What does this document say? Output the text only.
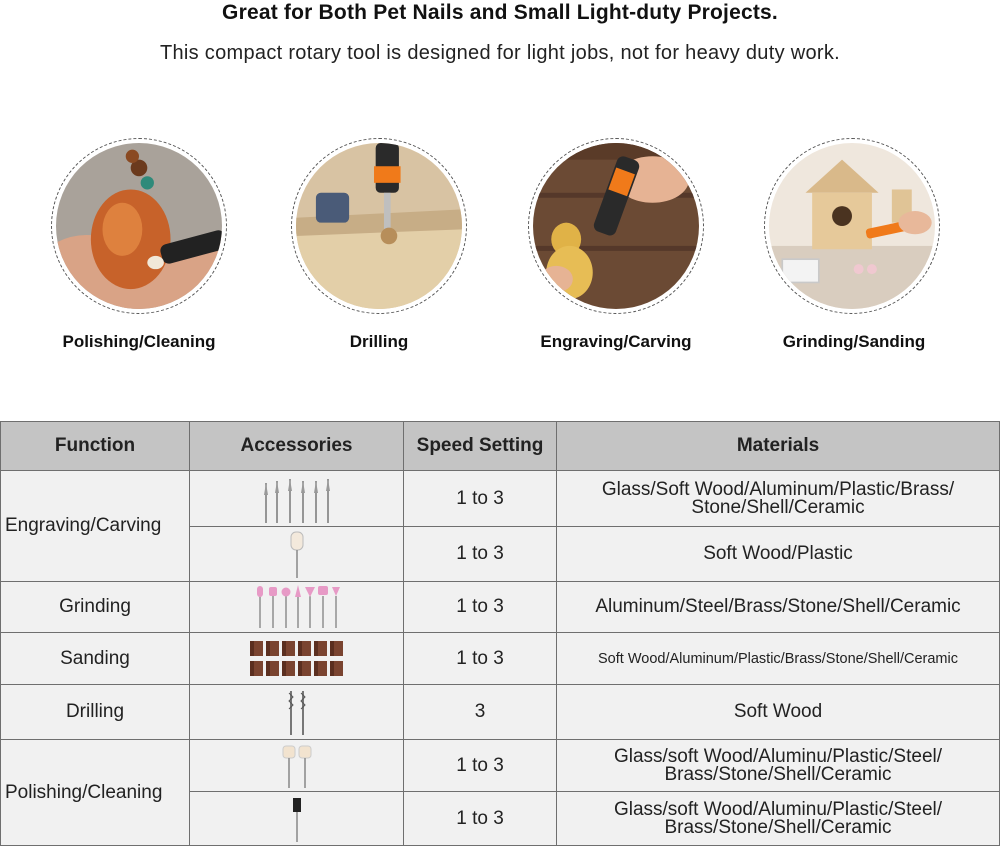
Great for Both Pet Nails and Small Light-duty Projects.
This compact rotary tool is designed for light jobs, not for heavy duty work.
Polishing/Cleaning	Drilling	Engraving/Carving	Grinding/Sanding
Function	Accessories	Speed Setting	Materials
Engraving/Carving		1 to 3	Glass/Soft Wood/Aluminum/Plastic/Brass/
Stone/Shell/Ceramic

	1 to 3	Soft Wood/Plastic
Grinding		1 to 3	Aluminum/Steel/Brass/Stone/Shell/Ceramic
Sanding		1 to 3	Soft Wood/Aluminum/Plastic/Brass/Stone/Shell/Ceramic
Drilling		3	Soft Wood
Polishing/Cleaning		1 to 3	Glass/soft Wood/Aluminu/Plastic/Steel/
Brass/Stone/Shell/Ceramic

	1 to 3	Glass/soft Wood/Aluminu/Plastic/Steel/
Brass/Stone/Shell/Ceramic
